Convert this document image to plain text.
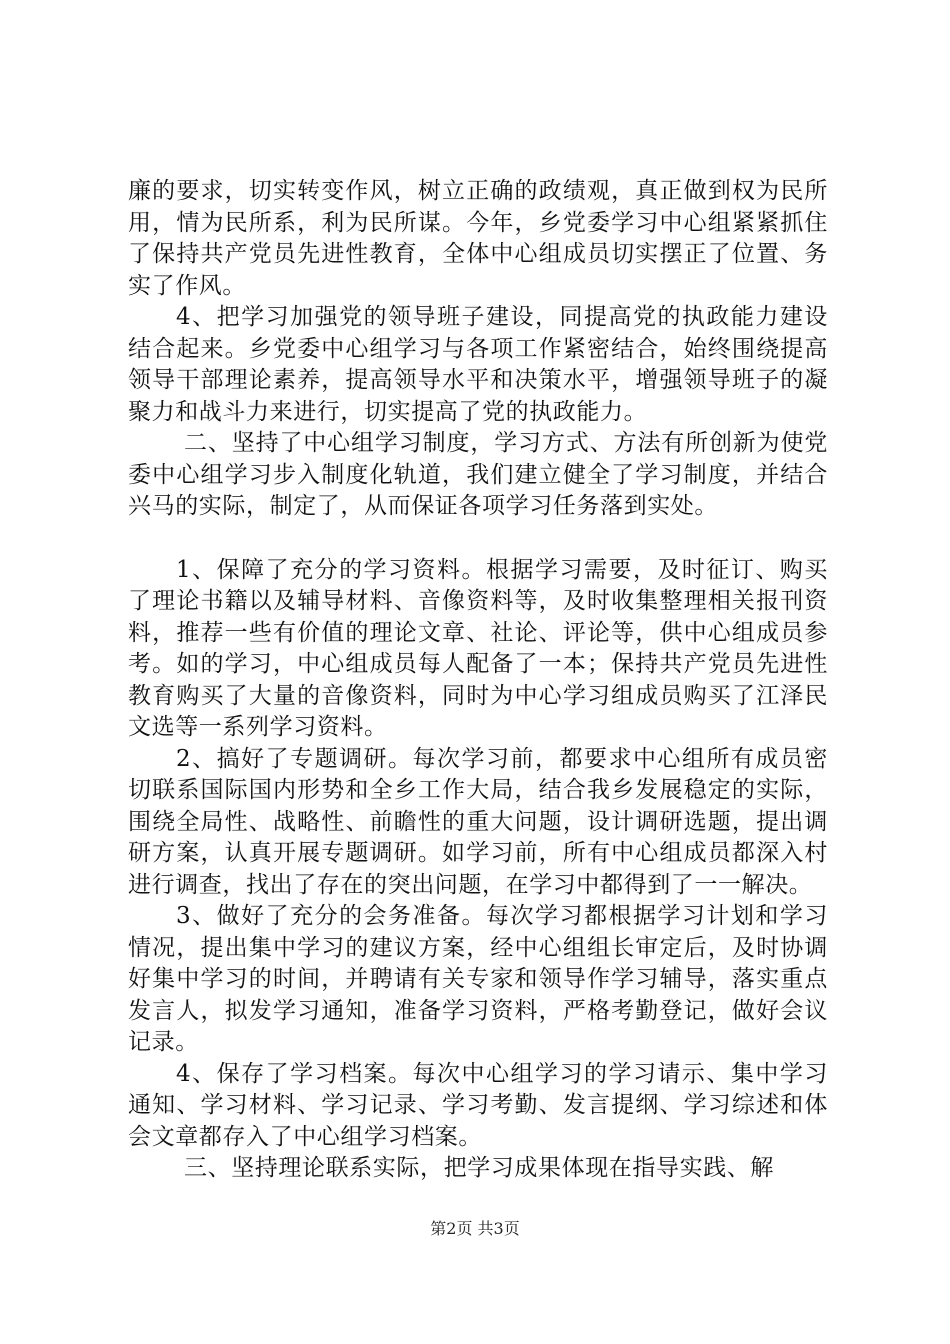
廉的要求，切实转变作风，树立正确的政绩观，真正做到权为民所用，情为民所系，利为民所谋。今年，乡党委学习中心组紧紧抓住了保持共产党员先进性教育，全体中心组成员切实摆正了位置、务实了作风。

4、把学习加强党的领导班子建设，同提高党的执政能力建设结合起来。乡党委中心组学习与各项工作紧密结合，始终围绕提高领导干部理论素养，提高领导水平和决策水平，增强领导班子的凝聚力和战斗力来进行，切实提高了党的执政能力。

二、坚持了中心组学习制度，学习方式、方法有所创新为使党委中心组学习步入制度化轨道，我们建立健全了学习制度，并结合兴马的实际，制定了，从而保证各项学习任务落到实处。

1、保障了充分的学习资料。根据学习需要，及时征订、购买了理论书籍以及辅导材料、音像资料等，及时收集整理相关报刊资料，推荐一些有价值的理论文章、社论、评论等，供中心组成员参考。如的学习，中心组成员每人配备了一本；保持共产党员先进性教育购买了大量的音像资料，同时为中心学习组成员购买了江泽民文选等一系列学习资料。

2、搞好了专题调研。每次学习前，都要求中心组所有成员密切联系国际国内形势和全乡工作大局，结合我乡发展稳定的实际，围绕全局性、战略性、前瞻性的重大问题，设计调研选题，提出调研方案，认真开展专题调研。如学习前，所有中心组成员都深入村进行调查，找出了存在的突出问题，在学习中都得到了一一解决。

3、做好了充分的会务准备。每次学习都根据学习计划和学习情况，提出集中学习的建议方案，经中心组组长审定后，及时协调好集中学习的时间，并聘请有关专家和领导作学习辅导，落实重点发言人，拟发学习通知，准备学习资料，严格考勤登记，做好会议记录。

4、保存了学习档案。每次中心组学习的学习请示、集中学习通知、学习材料、学习记录、学习考勤、发言提纲、学习综述和体会文章都存入了中心组学习档案。

三、坚持理论联系实际，把学习成果体现在指导实践、解

第2页 共3页
